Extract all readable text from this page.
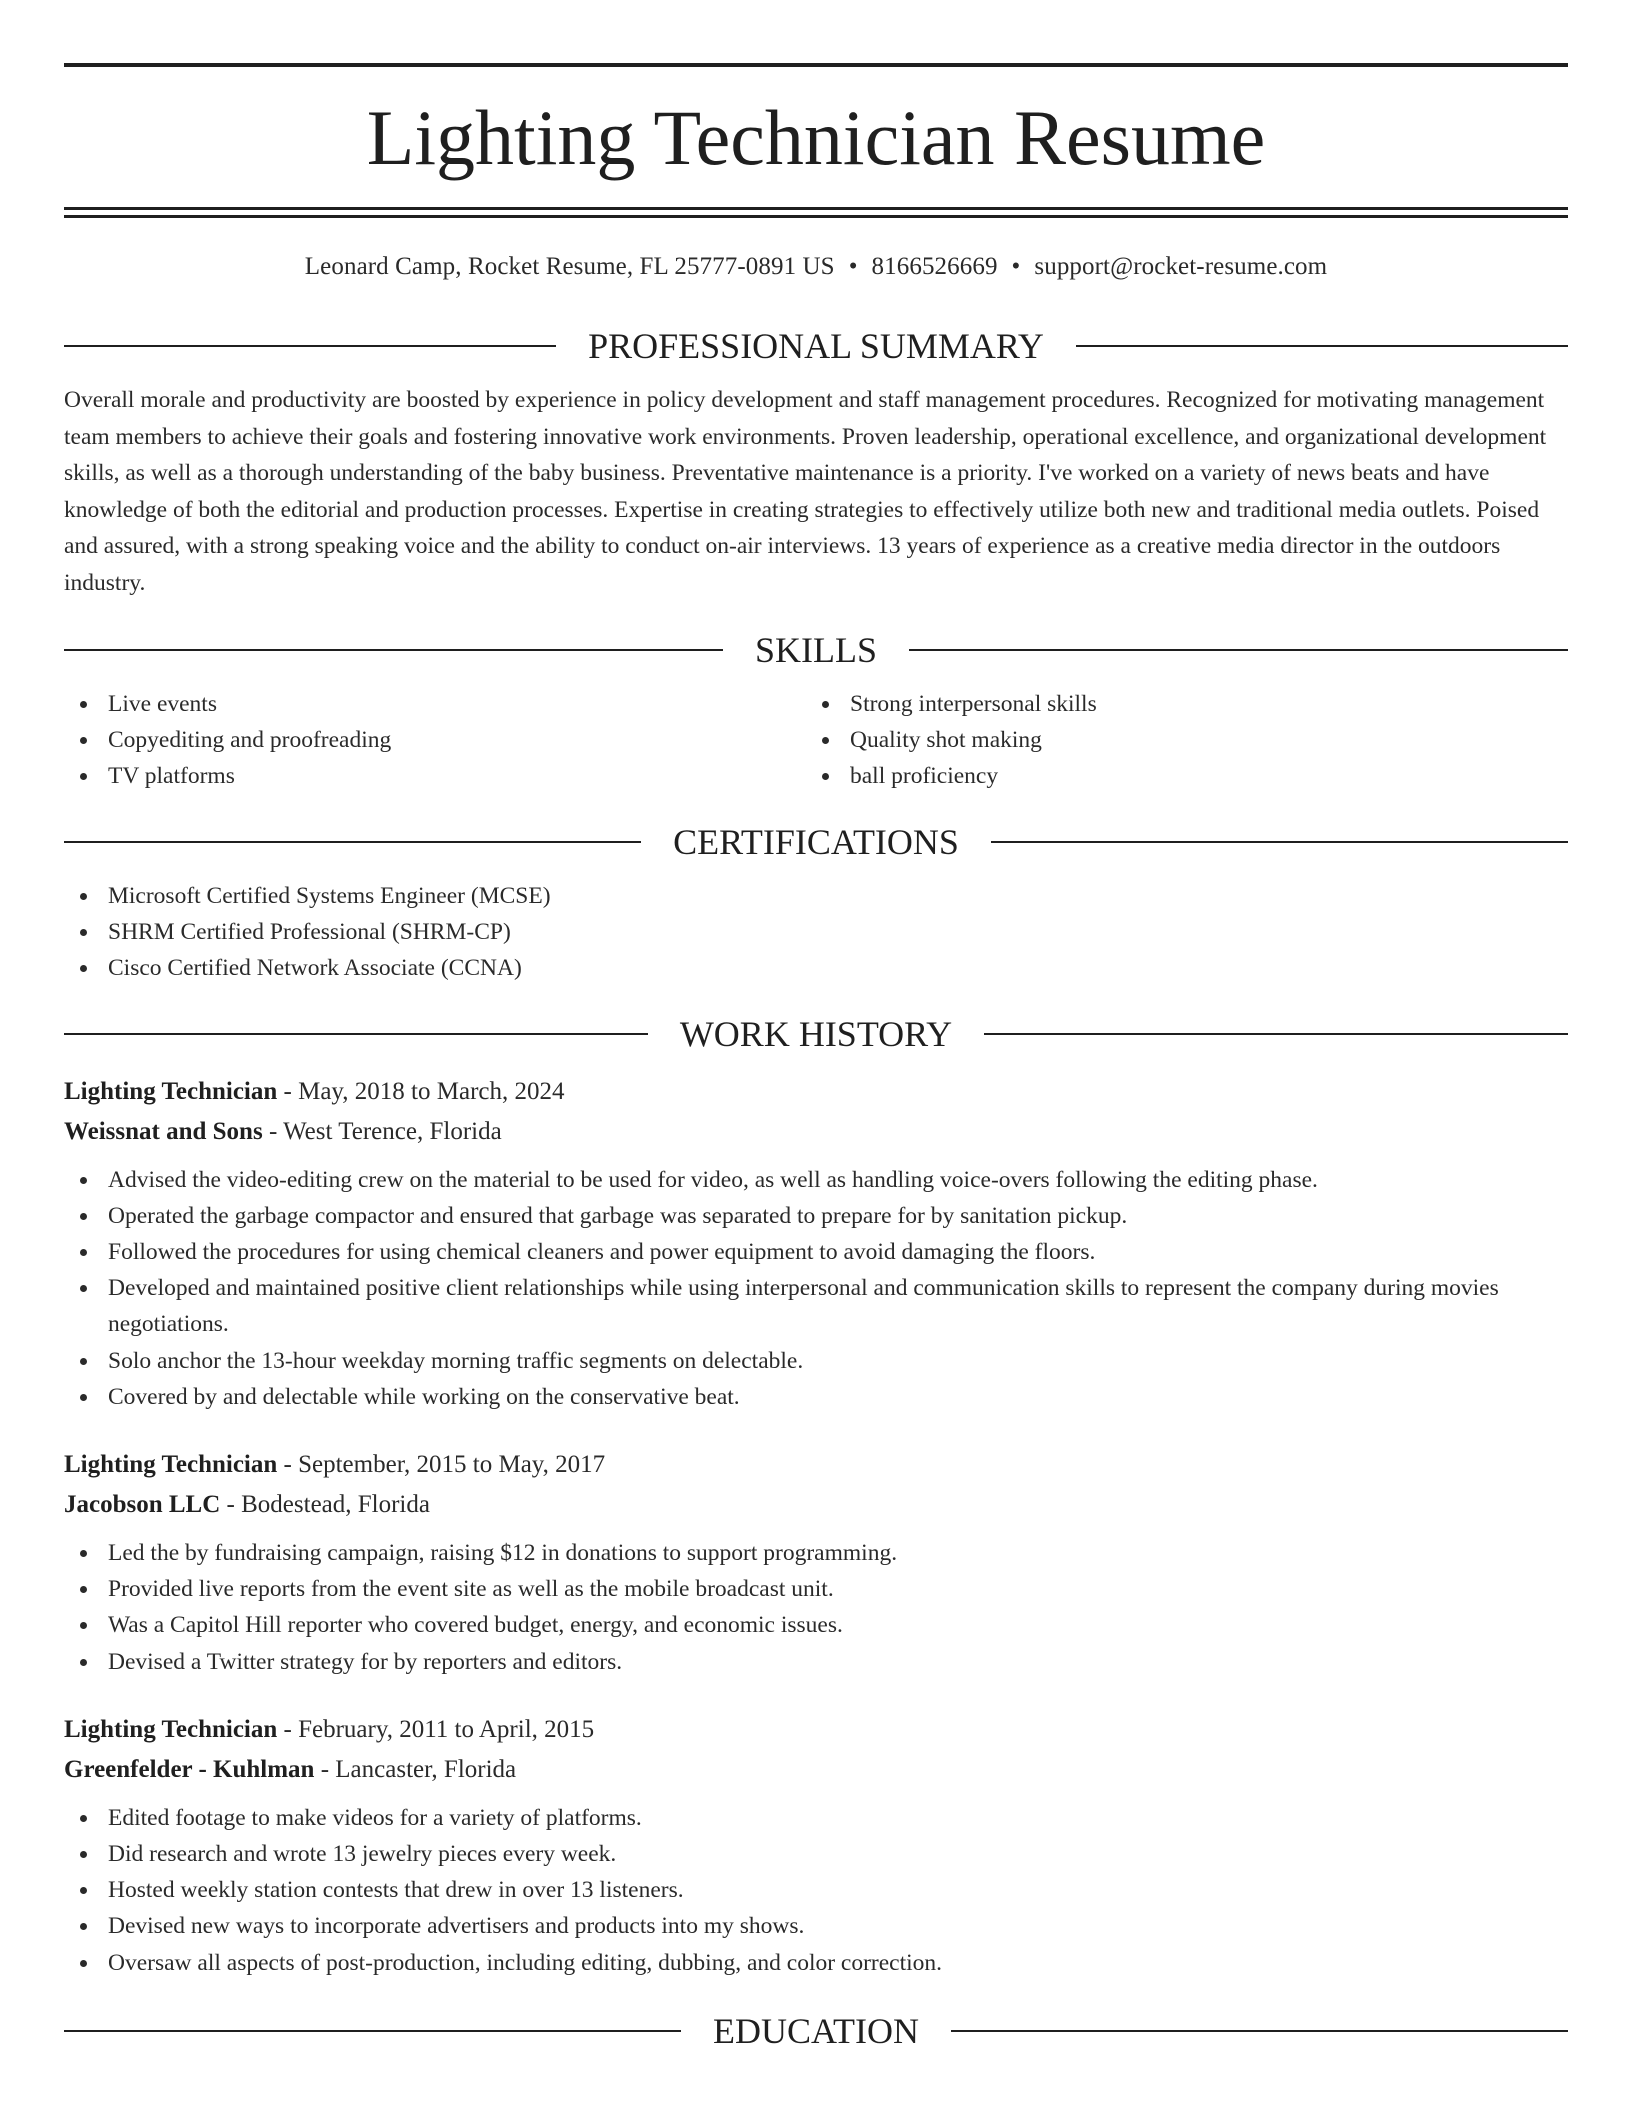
Lighting Technician Resume
Leonard Camp, Rocket Resume, FL 25777-0891 US • 8166526669 • support@rocket-resume.com
PROFESSIONAL SUMMARY

Overall morale and productivity are boosted by experience in policy development and staff management procedures. Recognized for motivating management team members to achieve their goals and fostering innovative work environments. Proven leadership, operational excellence, and organizational development skills, as well as a thorough understanding of the baby business. Preventative maintenance is a priority. I've worked on a variety of news beats and have knowledge of both the editorial and production processes. Expertise in creating strategies to effectively utilize both new and traditional media outlets. Poised and assured, with a strong speaking voice and the ability to conduct on-air interviews. 13 years of experience as a creative media director in the outdoors industry.

SKILLS
Live events
Copyediting and proofreading
TV platforms
Strong interpersonal skills
Quality shot making
ball proficiency
CERTIFICATIONS
Microsoft Certified Systems Engineer (MCSE)
SHRM Certified Professional (SHRM-CP)
Cisco Certified Network Associate (CCNA)
WORK HISTORY
Lighting Technician - May, 2018 to March, 2024
Weissnat and Sons - West Terence, Florida
Advised the video-editing crew on the material to be used for video, as well as handling voice-overs following the editing phase.
Operated the garbage compactor and ensured that garbage was separated to prepare for by sanitation pickup.
Followed the procedures for using chemical cleaners and power equipment to avoid damaging the floors.
Developed and maintained positive client relationships while using interpersonal and communication skills to represent the company during movies negotiations.
Solo anchor the 13-hour weekday morning traffic segments on delectable.
Covered by and delectable while working on the conservative beat.
Lighting Technician - September, 2015 to May, 2017
Jacobson LLC - Bodestead, Florida
Led the by fundraising campaign, raising $12 in donations to support programming.
Provided live reports from the event site as well as the mobile broadcast unit.
Was a Capitol Hill reporter who covered budget, energy, and economic issues.
Devised a Twitter strategy for by reporters and editors.
Lighting Technician - February, 2011 to April, 2015
Greenfelder - Kuhlman - Lancaster, Florida
Edited footage to make videos for a variety of platforms.
Did research and wrote 13 jewelry pieces every week.
Hosted weekly station contests that drew in over 13 listeners.
Devised new ways to incorporate advertisers and products into my shows.
Oversaw all aspects of post-production, including editing, dubbing, and color correction.
EDUCATION
